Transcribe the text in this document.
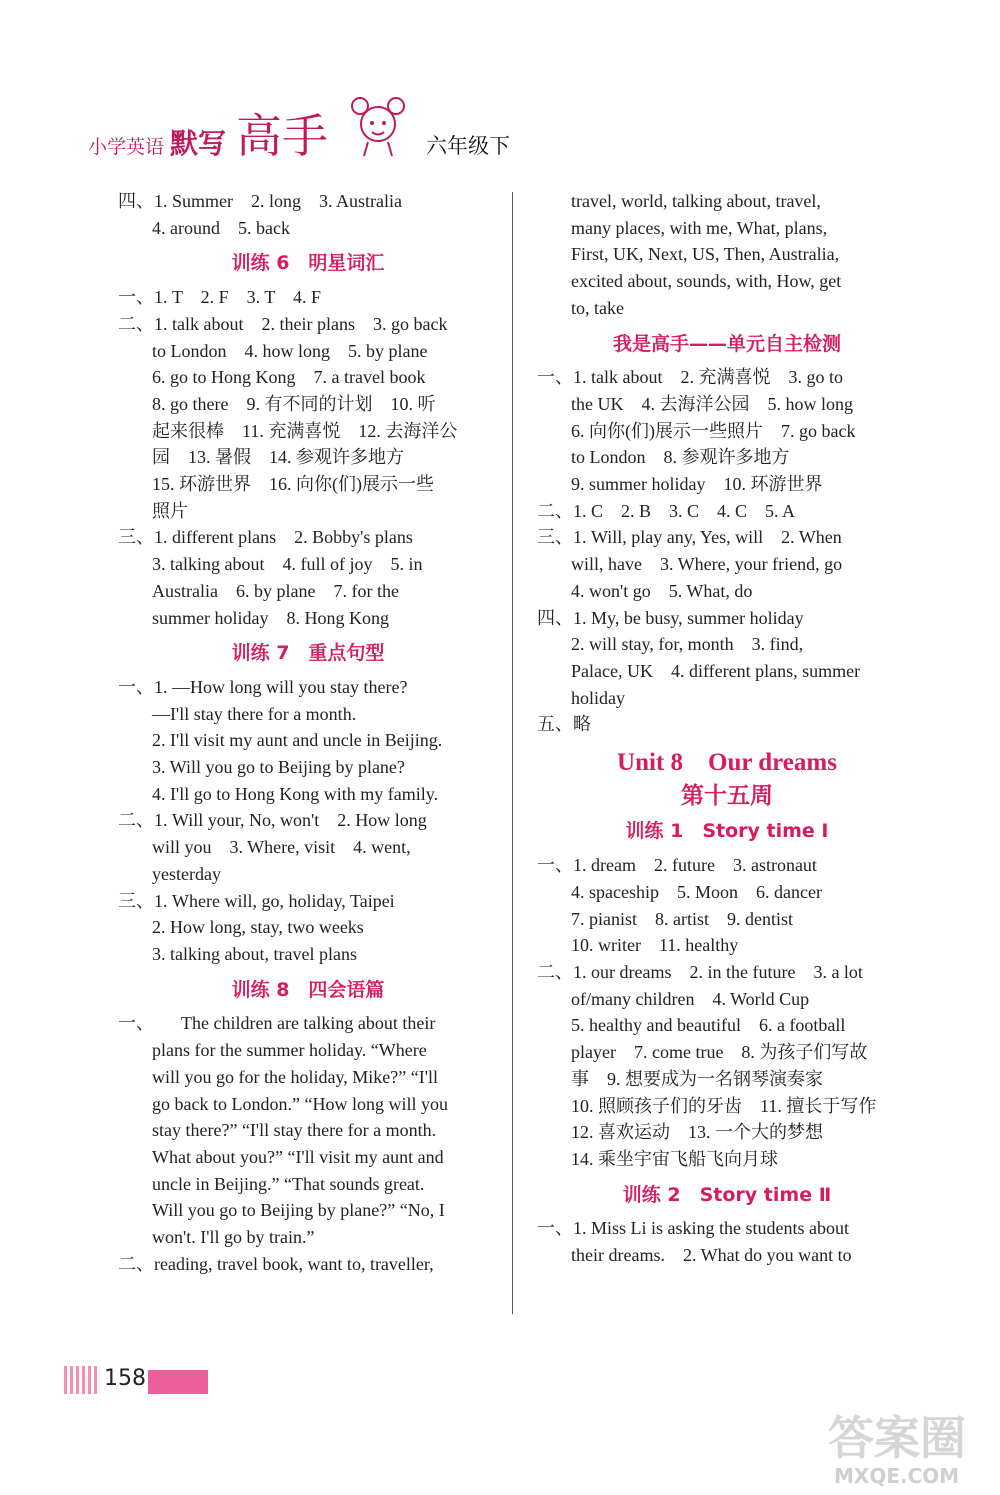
小学英语 默写 高手	六年级下
四、1. Summer　2. long　3. Australia
4. around　5. back
训练 6　明星词汇
一、1. T　2. F　3. T　4. F
二、1. talk about　2. their plans　3. go back
to London　4. how long　5. by plane
6. go to Hong Kong　7. a travel book
8. go there　9. 有不同的计划　10. 听
起来很棒　11. 充满喜悦　12. 去海洋公
园　13. 暑假　14. 参观许多地方
15. 环游世界　16. 向你(们)展示一些
照片
三、1. different plans　2. Bobby's plans
3. talking about　4. full of joy　5. in
Australia　6. by plane　7. for the
summer holiday　8. Hong Kong
训练 7　重点句型
一、1. —How long will you stay there?
—I'll stay there for a month.
2. I'll visit my aunt and uncle in Beijing.
3. Will you go to Beijing by plane?
4. I'll go to Hong Kong with my family.
二、1. Will your, No, won't　2. How long
will you　3. Where, visit　4. went,
yesterday
三、1. Where will, go, holiday, Taipei
2. How long, stay, two weeks
3. talking about, travel plans
训练 8　四会语篇
一、　　The children are talking about their
plans for the summer holiday. “Where
will you go for the holiday, Mike?” “I'll
go back to London.” “How long will you
stay there?” “I'll stay there for a month.
What about you?” “I'll visit my aunt and
uncle in Beijing.” “That sounds great.
Will you go to Beijing by plane?” “No, I
won't. I'll go by train.”
二、reading, travel book, want to, traveller,
travel, world, talking about, travel,
many places, with me, What, plans,
First, UK, Next, US, Then, Australia,
excited about, sounds, with, How, get
to, take
我是高手——单元自主检测
一、1. talk about　2. 充满喜悦　3. go to
the UK　4. 去海洋公园　5. how long
6. 向你(们)展示一些照片　7. go back
to London　8. 参观许多地方
9. summer holiday　10. 环游世界
二、1. C　2. B　3. C　4. C　5. A
三、1. Will, play any, Yes, will　2. When
will, have　3. Where, your friend, go
4. won't go　5. What, do
四、1. My, be busy, summer holiday
2. will stay, for, month　3. find,
Palace, UK　4. different plans, summer
holiday
五、略
Unit 8　Our dreams
第十五周
训练 1　Story time Ⅰ
一、1. dream　2. future　3. astronaut
4. spaceship　5. Moon　6. dancer
7. pianist　8. artist　9. dentist
10. writer　11. healthy
二、1. our dreams　2. in the future　3. a lot
of/many children　4. World Cup
5. healthy and beautiful　6. a football
player　7. come true　8. 为孩子们写故
事　9. 想要成为一名钢琴演奏家
10. 照顾孩子们的牙齿　11. 擅长于写作
12. 喜欢运动　13. 一个大的梦想
14. 乘坐宇宙飞船飞向月球
训练 2　Story time Ⅱ
一、1. Miss Li is asking the students about
their dreams.　2. What do you want to
158
答案圈
MXQE.COM
